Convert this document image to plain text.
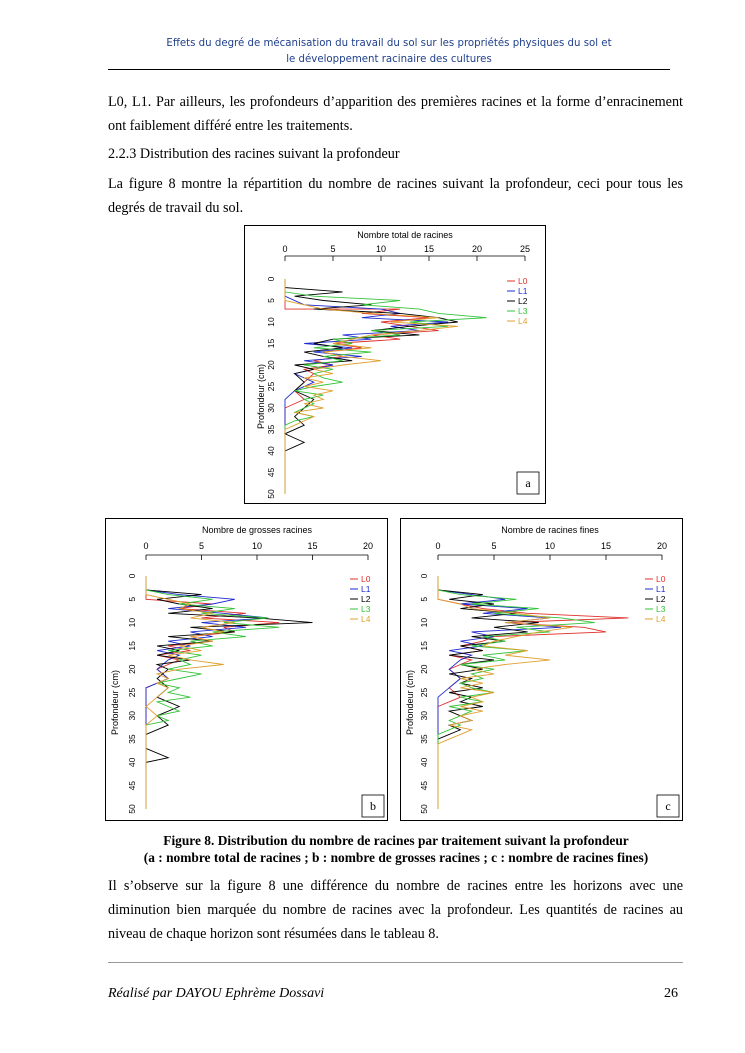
Effets du degré de mécanisation du travail du sol sur les propriétés physiques du sol et
le développement racinaire des cultures
L0, L1. Par ailleurs, les profondeurs d’apparition des premières racines et la forme d’enracinement ont faiblement différé entre les traitements.
2.2.3 Distribution des racines suivant la profondeur
La figure 8 montre la répartition du nombre de racines suivant la profondeur, ceci pour tous les degrés de travail du sol.
Nombre total de racines
0	5	10	15	20	25
0
5
10
15
20
25
30
35
40
45
50
Profondeur (cm)
L0
L1
L2
L3
L4
a
Nombre de grosses racines
0	5	10	15	20
0
5
10
15
20
25
30
35
40
45
50
Profondeur (cm)
L0
L1
L2
L3
L4
b
Nombre de racines fines
0	5	10	15	20
0
5
10
15
20
25
30
35
40
45
50
Profondeur (cm)
L0
L1
L2
L3
L4
c
Figure 8. Distribution du nombre de racines par traitement suivant la profondeur
(a : nombre total de racines ; b : nombre de grosses racines ; c : nombre de racines fines)
Il s’observe sur la figure 8 une différence du nombre de racines entre les horizons avec une diminution bien marquée du nombre de racines avec la profondeur. Les quantités de racines au niveau de chaque horizon sont résumées dans le tableau 8.
Réalisé par DAYOU Ephrème Dossavi	26
